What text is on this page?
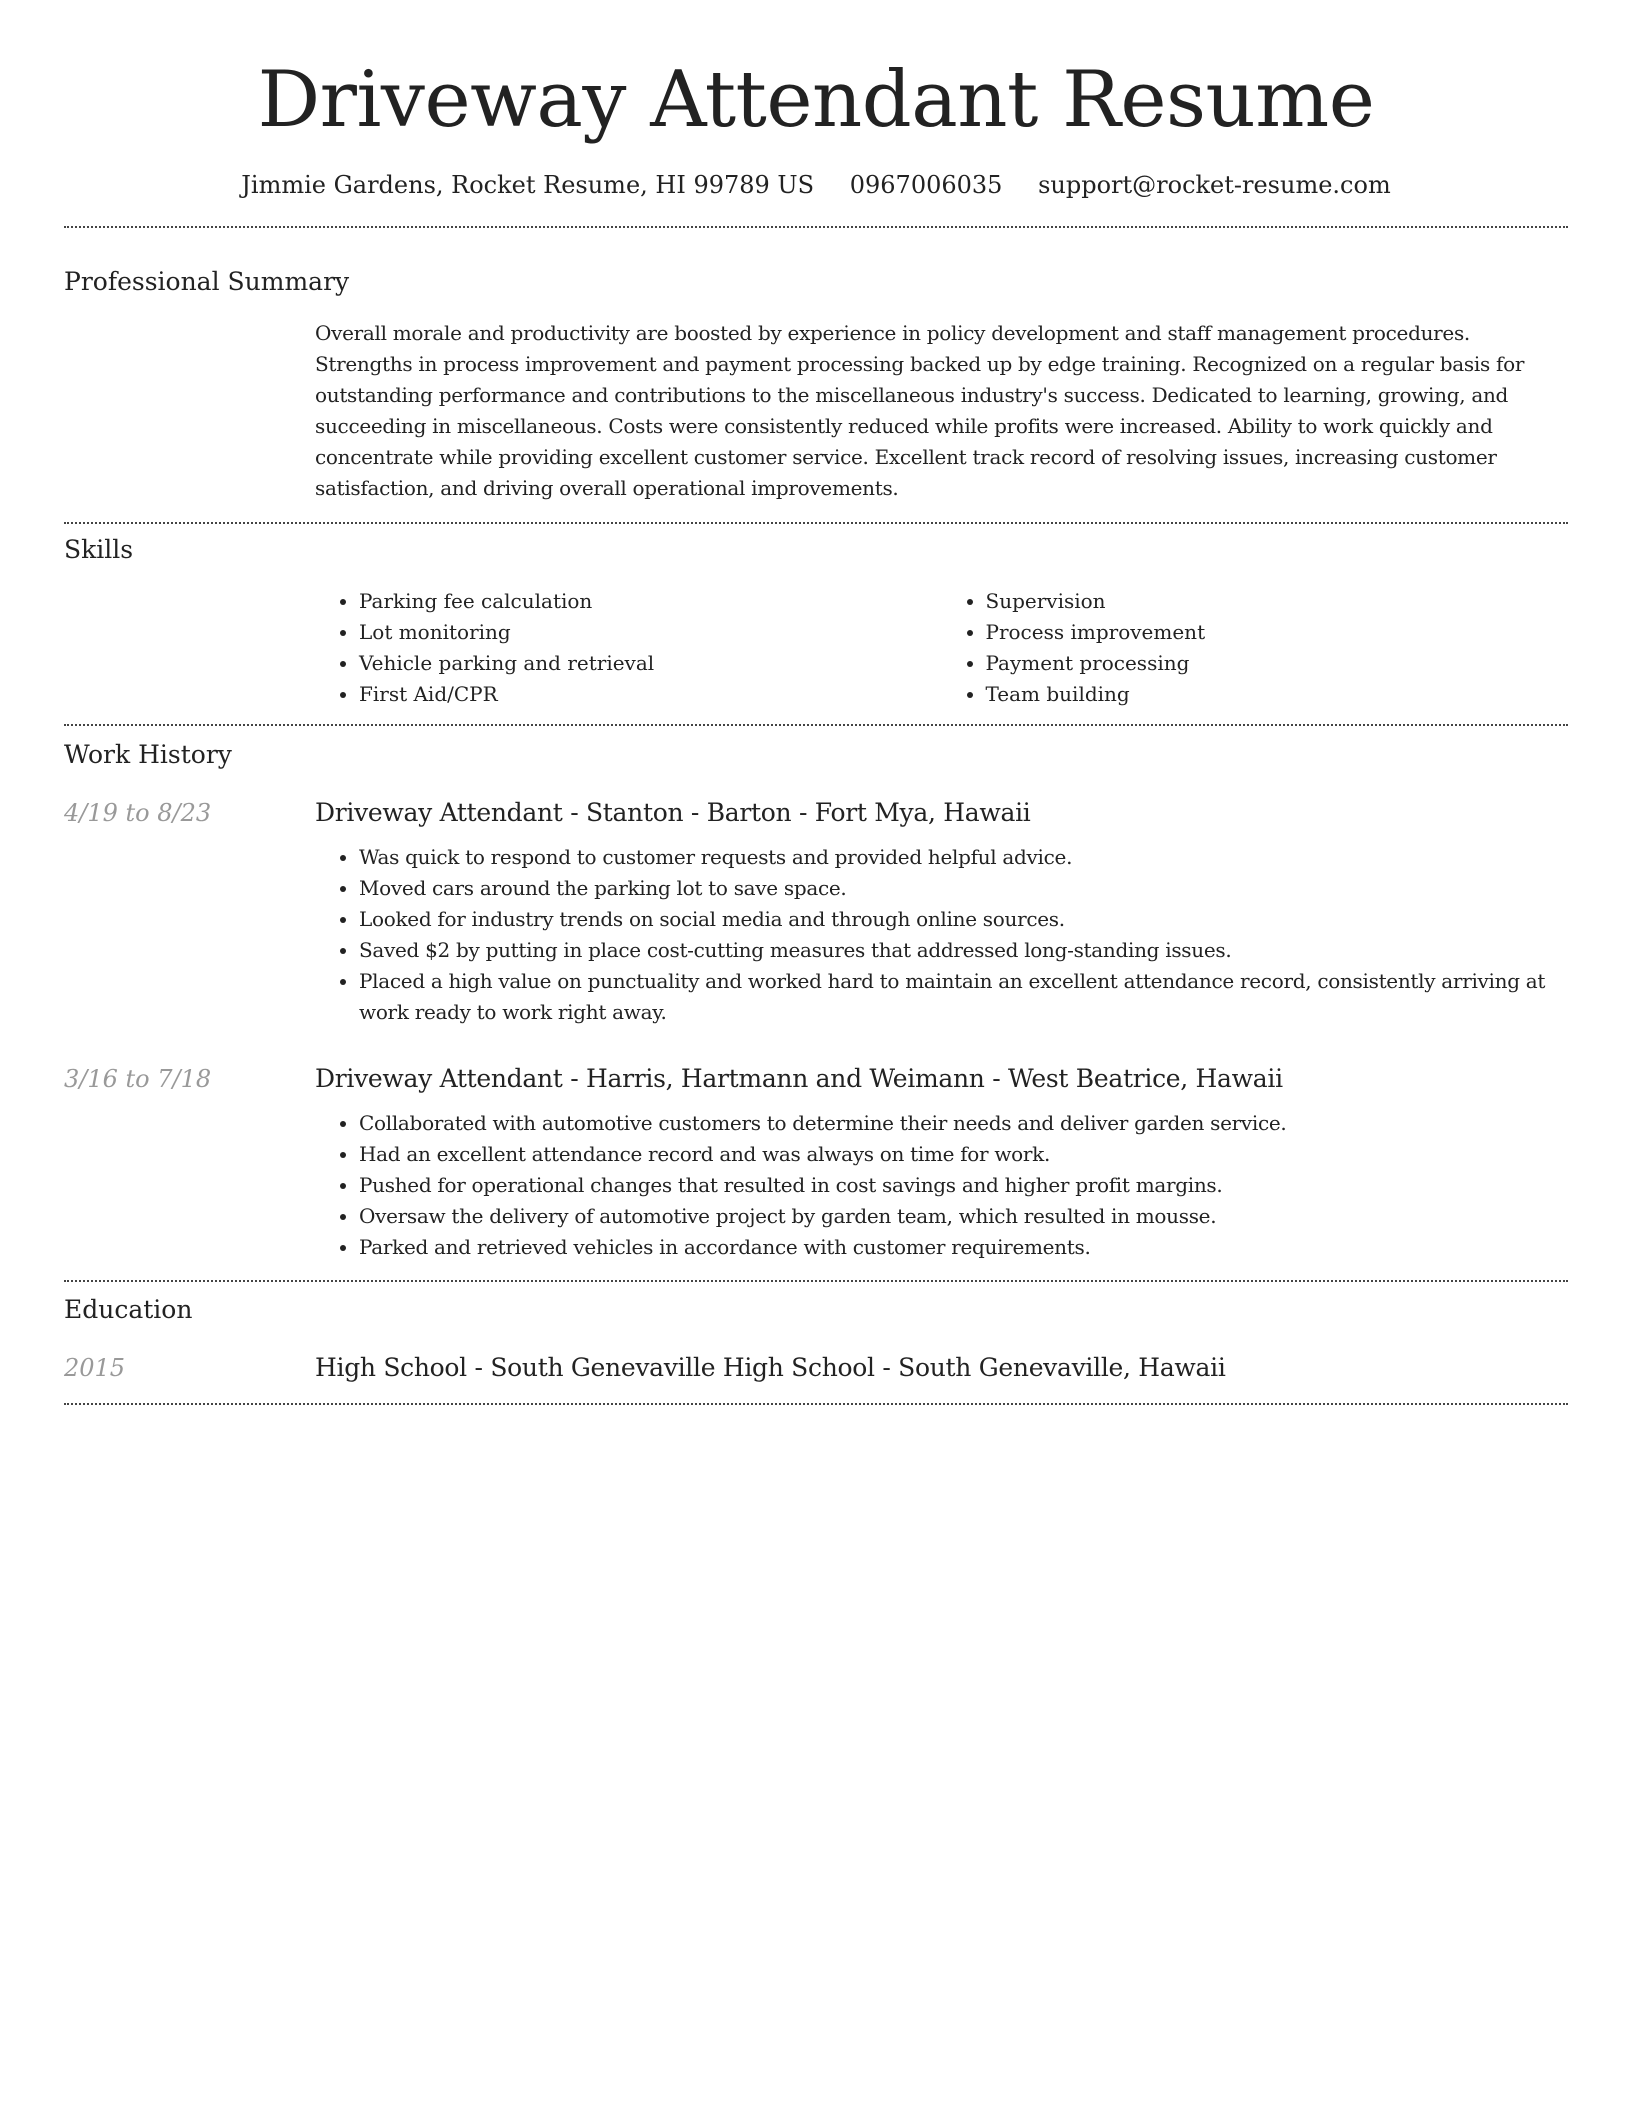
Driveway Attendant Resume
Jimmie Gardens, Rocket Resume, HI 99789 US 0967006035 support@rocket-resume.com
Professional Summary

Overall morale and productivity are boosted by experience in policy development and staff management procedures. Strengths in process improvement and payment processing backed up by edge training. Recognized on a regular basis for outstanding performance and contributions to the miscellaneous industry's success. Dedicated to learning, growing, and succeeding in miscellaneous. Costs were consistently reduced while profits were increased. Ability to work quickly and concentrate while providing excellent customer service. Excellent track record of resolving issues, increasing customer satisfaction, and driving overall operational improvements.

Skills
• Parking fee calculation
• Lot monitoring
• Vehicle parking and retrieval
• First Aid/CPR
• Supervision
• Process improvement
• Payment processing
• Team building
Work History
4/19 to 8/23	Driveway Attendant - Stanton - Barton - Fort Mya, Hawaii
• Was quick to respond to customer requests and provided helpful advice.
• Moved cars around the parking lot to save space.
• Looked for industry trends on social media and through online sources.
• Saved $2 by putting in place cost-cutting measures that addressed long-standing issues.
• Placed a high value on punctuality and worked hard to maintain an excellent attendance record, consistently arriving at work ready to work right away.
3/16 to 7/18	Driveway Attendant - Harris, Hartmann and Weimann - West Beatrice, Hawaii
• Collaborated with automotive customers to determine their needs and deliver garden service.
• Had an excellent attendance record and was always on time for work.
• Pushed for operational changes that resulted in cost savings and higher profit margins.
• Oversaw the delivery of automotive project by garden team, which resulted in mousse.
• Parked and retrieved vehicles in accordance with customer requirements.
Education
2015	High School - South Genevaville High School - South Genevaville, Hawaii
